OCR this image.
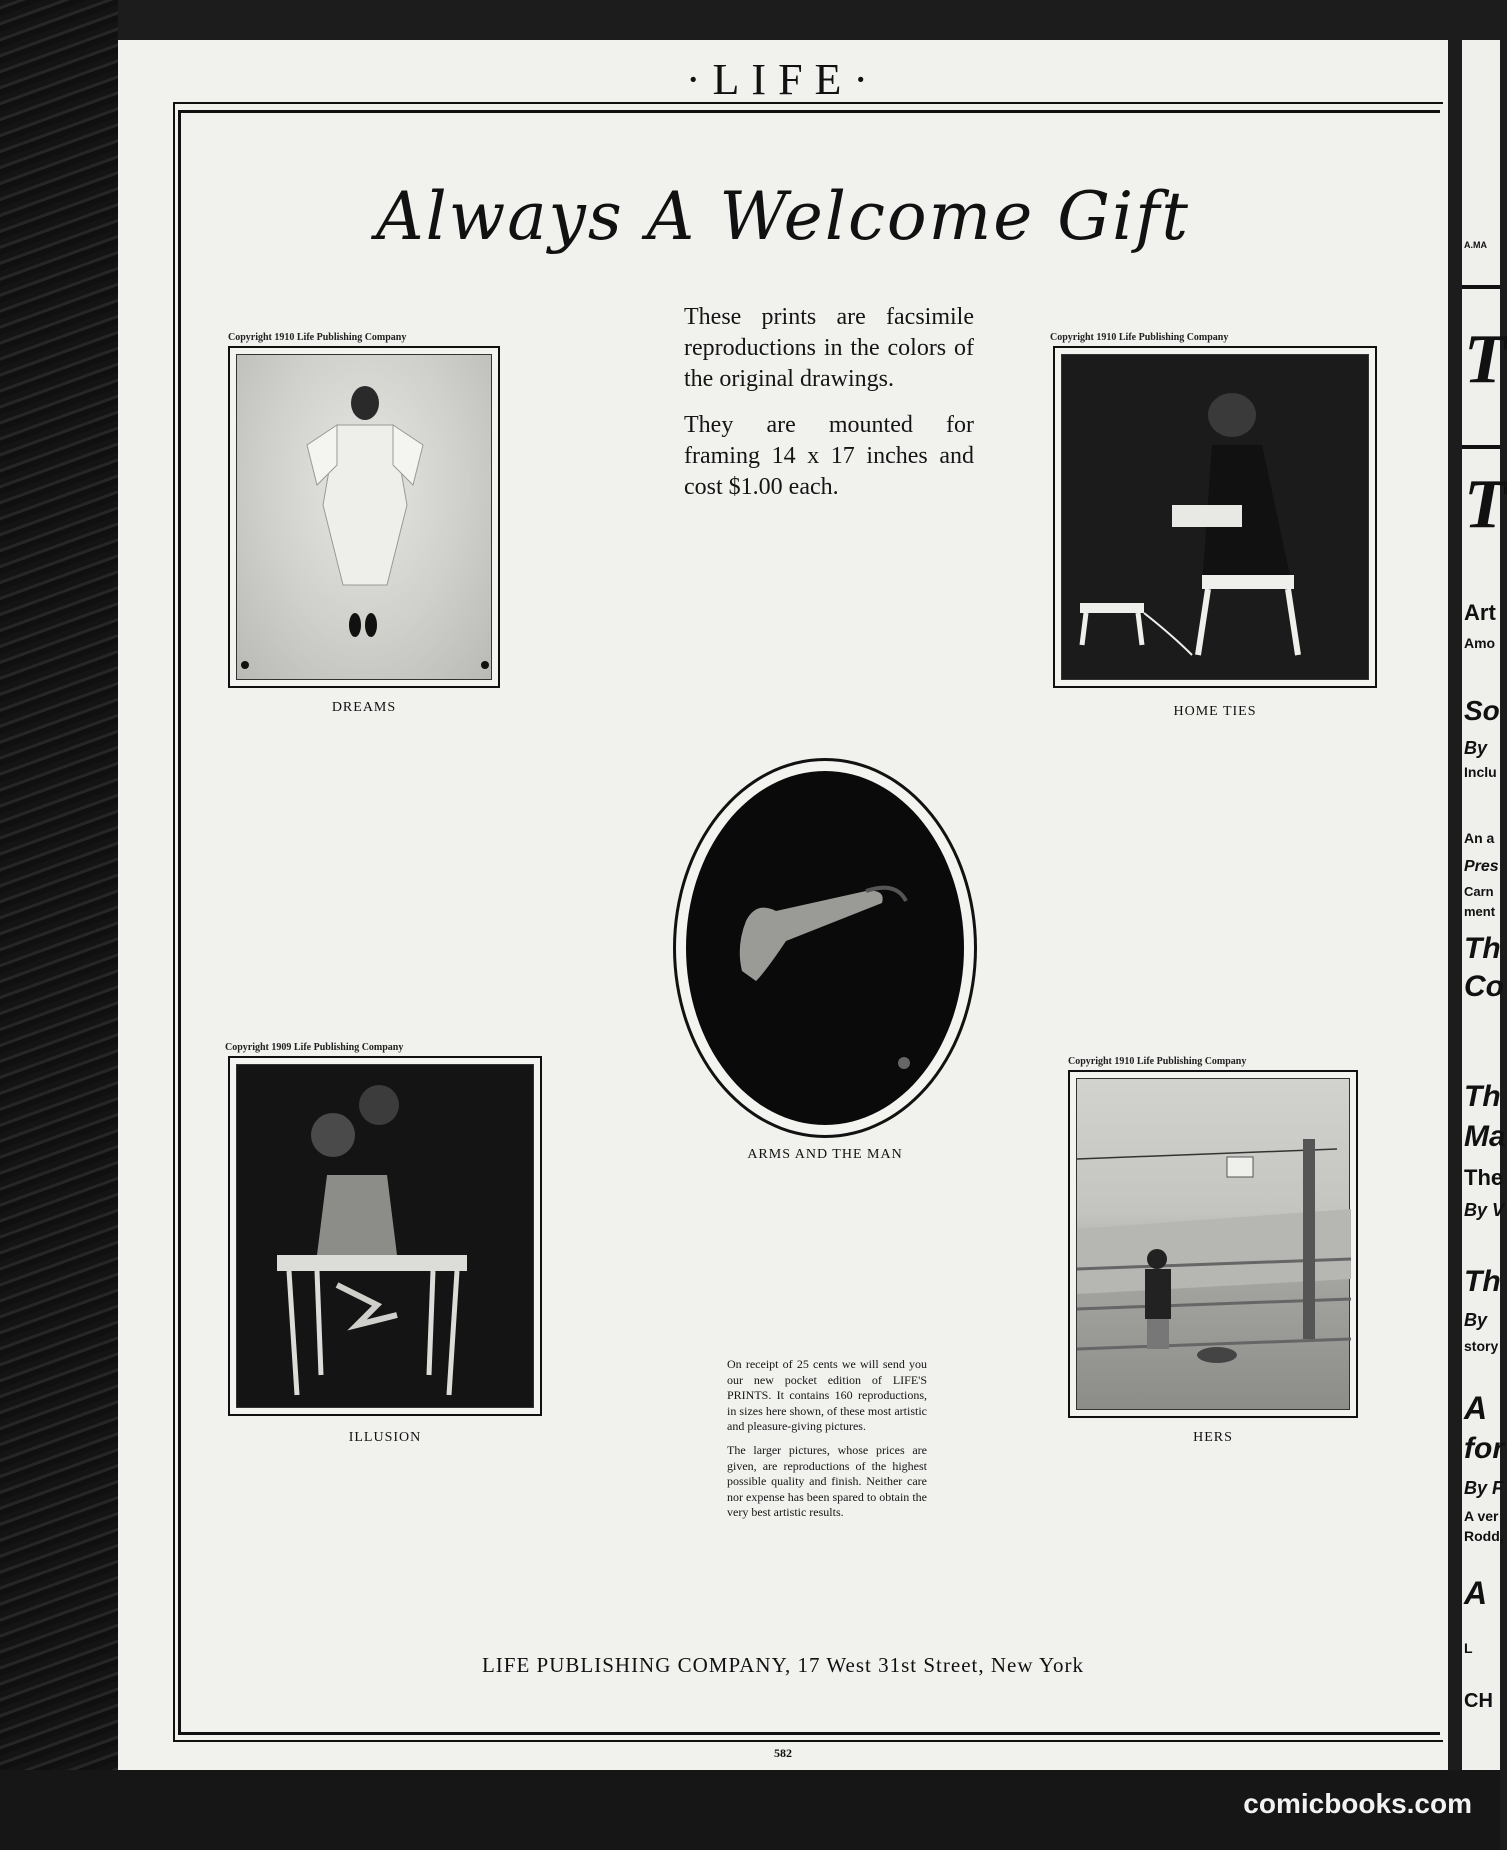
·LIFE·
Always A Welcome Gift

These prints are facsimile reproductions in the colors of the original drawings.

They are mounted for framing 14 x 17 inches and cost $1.00 each.

Copyright 1910 Life Publishing Company
DREAMS
Copyright 1910 Life Publishing Company
HOME TIES
ARMS AND THE MAN
Copyright 1909 Life Publishing Company
ILLUSION
Copyright 1910 Life Publishing Company
HERS

On receipt of 25 cents we will send you our new pocket edition of LIFE'S PRINTS. It contains 160 reproductions, in sizes here shown, of these most artistic and pleasure-giving pictures.

The larger pictures, whose prices are given, are reproductions of the highest possible quality and finish. Neither care nor expense has been spared to obtain the very best artistic results.

LIFE PUBLISHING COMPANY, 17 West 31st Street, New York
582
A.MA
T
T
Art
Amo
So
By
Inclu
An a
Pres
Carn
ment
Th
Co
Th
Ma
The
By V
Th
By
story
A
for
By F
A ver
Rodd,
A
L
CH
comicbooks.com
